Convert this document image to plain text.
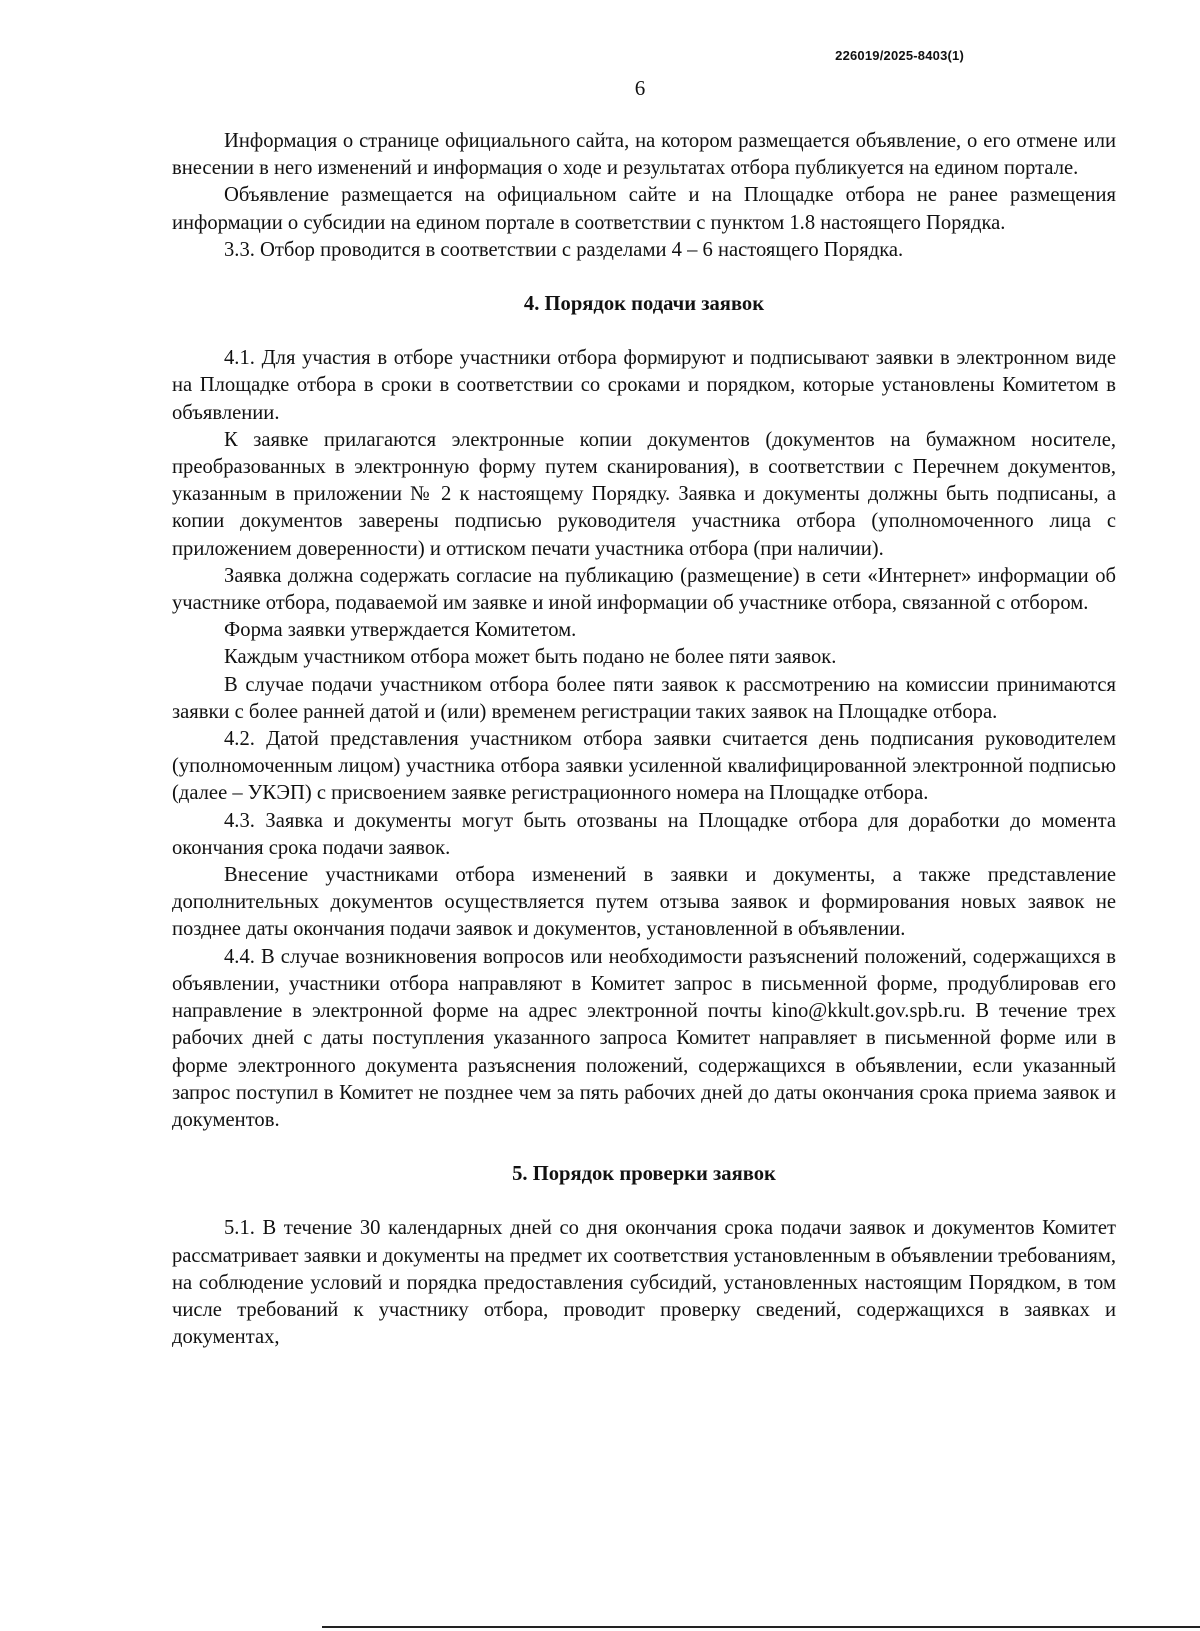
226019/2025-8403(1)
6

Информация о странице официального сайта, на котором размещается объявление, о его отмене или внесении в него изменений и информация о ходе и результатах отбора публикуется на едином портале.

Объявление размещается на официальном сайте и на Площадке отбора не ранее размещения информации о субсидии на едином портале в соответствии с пунктом 1.8 настоящего Порядка.

3.3. Отбор проводится в соответствии с разделами 4 – 6 настоящего Порядка.

4. Порядок подачи заявок

4.1. Для участия в отборе участники отбора формируют и подписывают заявки в электронном виде на Площадке отбора в сроки в соответствии со сроками и порядком, которые установлены Комитетом в объявлении.

К заявке прилагаются электронные копии документов (документов на бумажном носителе, преобразованных в электронную форму путем сканирования), в соответствии с Перечнем документов, указанным в приложении № 2 к настоящему Порядку. Заявка и документы должны быть подписаны, а копии документов заверены подписью руководителя участника отбора (уполномоченного лица с приложением доверенности) и оттиском печати участника отбора (при наличии).

Заявка должна содержать согласие на публикацию (размещение) в сети «Интернет» информации об участнике отбора, подаваемой им заявке и иной информации об участнике отбора, связанной с отбором.

Форма заявки утверждается Комитетом.

Каждым участником отбора может быть подано не более пяти заявок.

В случае подачи участником отбора более пяти заявок к рассмотрению на комиссии принимаются заявки с более ранней датой и (или) временем регистрации таких заявок на Площадке отбора.

4.2. Датой представления участником отбора заявки считается день подписания руководителем (уполномоченным лицом) участника отбора заявки усиленной квалифицированной электронной подписью (далее – УКЭП) с присвоением заявке регистрационного номера на Площадке отбора.

4.3. Заявка и документы могут быть отозваны на Площадке отбора для доработки до момента окончания срока подачи заявок.

Внесение участниками отбора изменений в заявки и документы, а также представление дополнительных документов осуществляется путем отзыва заявок и формирования новых заявок не позднее даты окончания подачи заявок и документов, установленной в объявлении.

4.4. В случае возникновения вопросов или необходимости разъяснений положений, содержащихся в объявлении, участники отбора направляют в Комитет запрос в письменной форме, продублировав его направление в электронной форме на адрес электронной почты kino@kkult.gov.spb.ru. В течение трех рабочих дней с даты поступления указанного запроса Комитет направляет в письменной форме или в форме электронного документа разъяснения положений, содержащихся в объявлении, если указанный запрос поступил в Комитет не позднее чем за пять рабочих дней до даты окончания срока приема заявок и документов.

5. Порядок проверки заявок

5.1. В течение 30 календарных дней со дня окончания срока подачи заявок и документов Комитет рассматривает заявки и документы на предмет их соответствия установленным в объявлении требованиям, на соблюдение условий и порядка предоставления субсидий, установленных настоящим Порядком, в том числе требований к участнику отбора, проводит проверку сведений, содержащихся в заявках и документах,
